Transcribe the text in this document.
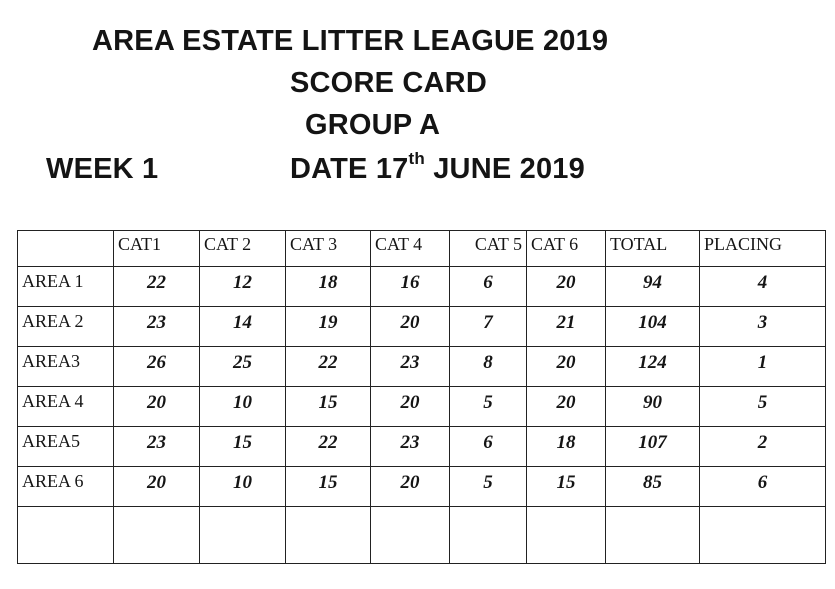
AREA ESTATE LITTER LEAGUE 2019
SCORE CARD
GROUP A
WEEK 1	DATE 17th JUNE 2019
	CAT1	CAT 2	CAT 3	CAT 4	CAT 5	CAT 6	TOTAL	PLACING
AREA 1	22	12	18	16	6	20	94	4
AREA 2	23	14	19	20	7	21	104	3
AREA3	26	25	22	23	8	20	124	1
AREA 4	20	10	15	20	5	20	90	5
AREA5	23	15	22	23	6	18	107	2
AREA 6	20	10	15	20	5	15	85	6
